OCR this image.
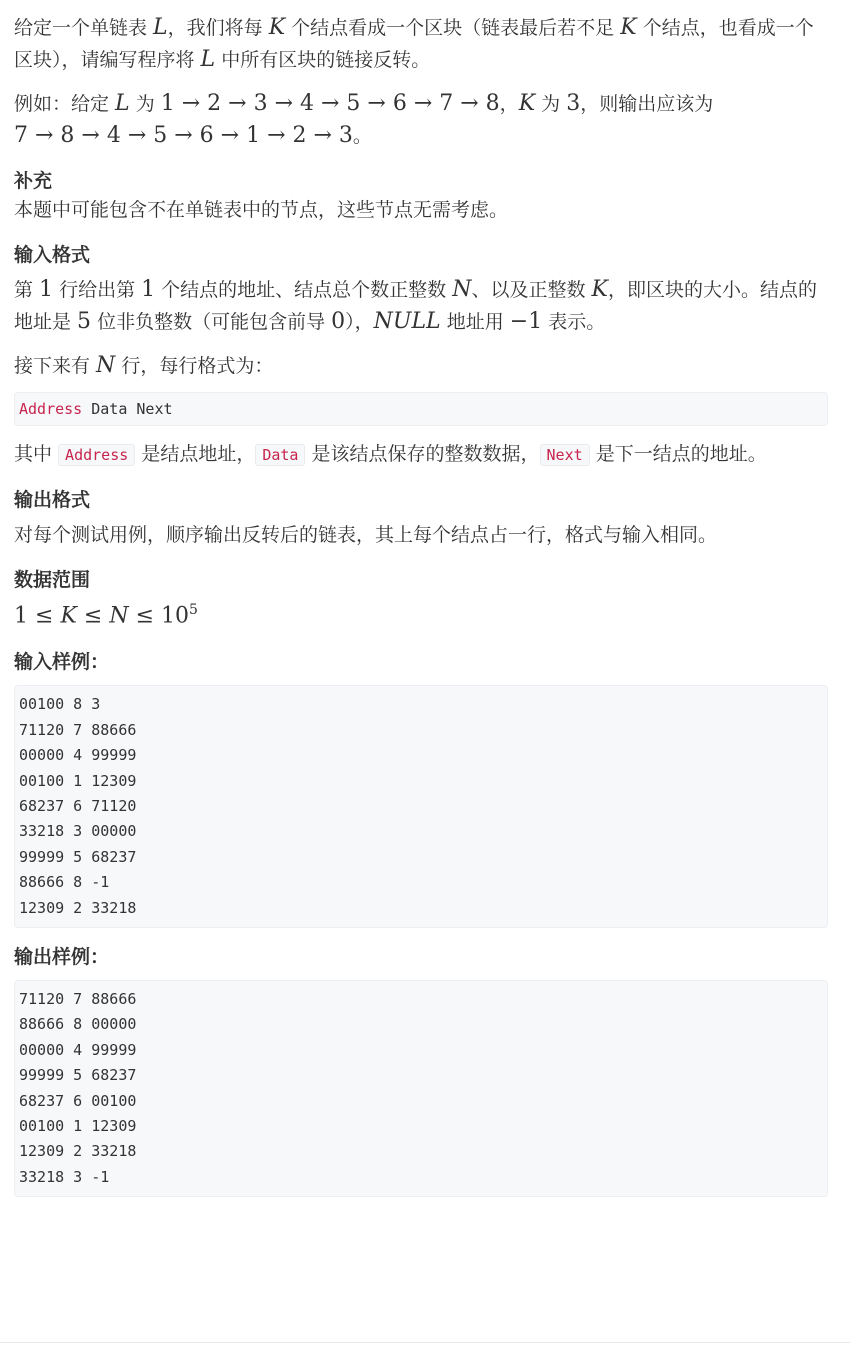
给定一个单链表 L，我们将每 K 个结点看成一个区块（链表最后若不足 K 个结点，也看成一个区块），请编写程序将 L 中所有区块的链接反转。

例如：给定 L 为 1 → 2 → 3 → 4 → 5 → 6 → 7 → 8，K 为 3，则输出应该为
7 → 8 → 4 → 5 → 6 → 1 → 2 → 3。

补充

本题中可能包含不在单链表中的节点，这些节点无需考虑。

输入格式

第 1 行给出第 1 个结点的地址、结点总个数正整数 N、以及正整数 K，即区块的大小。结点的地址是 5 位非负整数（可能包含前导 0），NULL 地址用 −1 表示。

接下来有 N 行，每行格式为：

Address Data Next

其中 Address 是结点地址， Data 是该结点保存的整数数据， Next 是下一结点的地址。

输出格式

对每个测试用例，顺序输出反转后的链表，其上每个结点占一行，格式与输入相同。

数据范围
$1 \le K \le N \le 10^5$
输入样例：
00100 8 3
71120 7 88666
00000 4 99999
00100 1 12309
68237 6 71120
33218 3 00000
99999 5 68237
88666 8 -1
12309 2 33218
输出样例：
71120 7 88666
88666 8 00000
00000 4 99999
99999 5 68237
68237 6 00100
00100 1 12309
12309 2 33218
33218 3 -1
